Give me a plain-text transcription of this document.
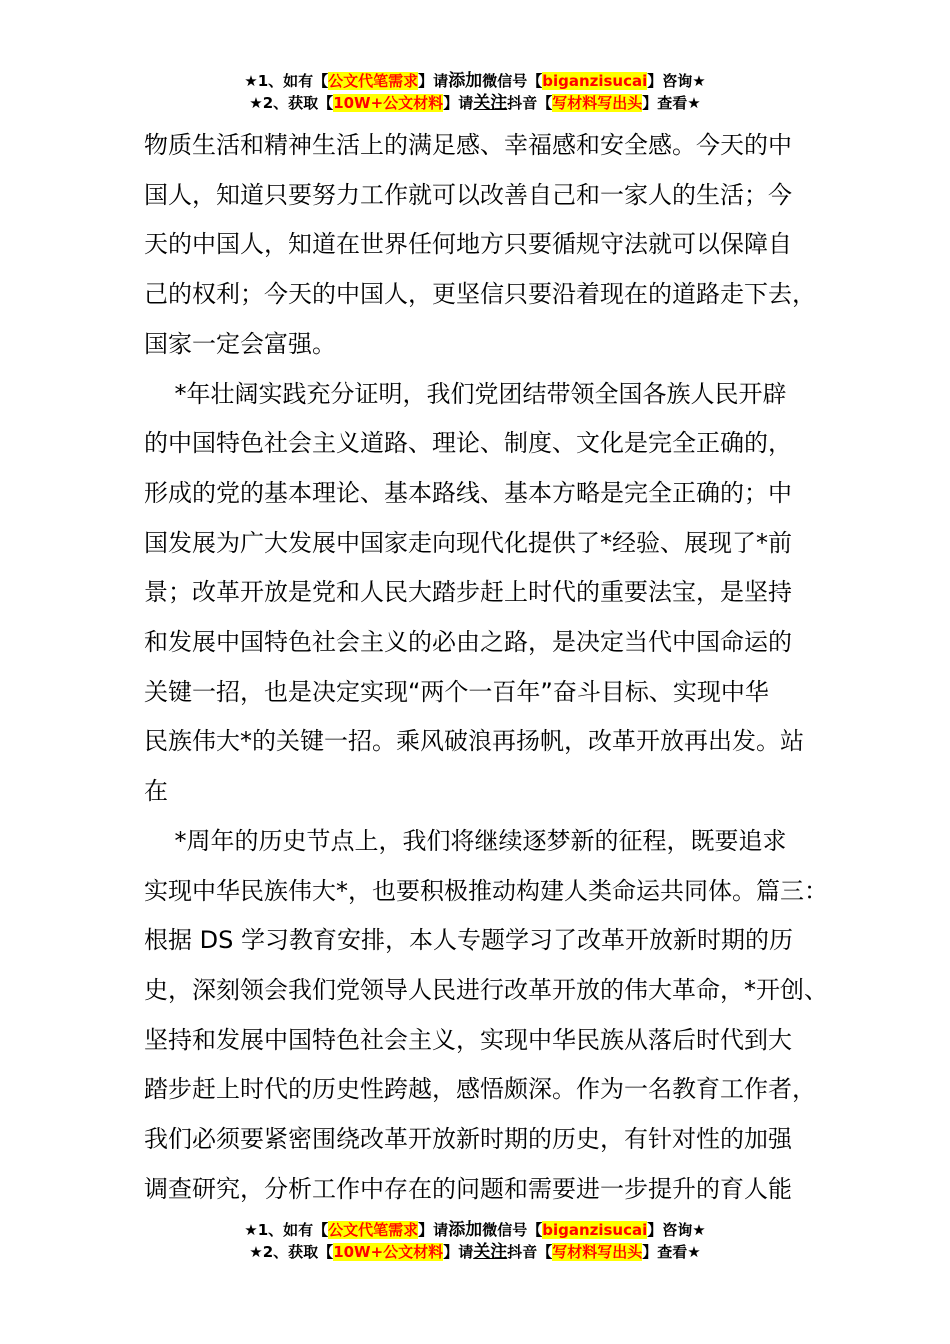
★1、如有【公文代笔需求】请添加微信号【biganzisucai】咨询★
★2、获取【10W+公文材料】请关注抖音【写材料写出头】查看★

物质生活和精神生活上的满足感、幸福感和安全感。今天的中

国人，知道只要努力工作就可以改善自己和一家人的生活；今

天的中国人，知道在世界任何地方只要循规守法就可以保障自

己的权利；今天的中国人，更坚信只要沿着现在的道路走下去，

国家一定会富强。

*年壮阔实践充分证明，我们党团结带领全国各族人民开辟

的中国特色社会主义道路、理论、制度、文化是完全正确的，

形成的党的基本理论、基本路线、基本方略是完全正确的；中

国发展为广大发展中国家走向现代化提供了*经验、展现了*前

景；改革开放是党和人民大踏步赶上时代的重要法宝，是坚持

和发展中国特色社会主义的必由之路，是决定当代中国命运的

关键一招，也是决定实现“两个一百年”奋斗目标、实现中华

民族伟大*的关键一招。乘风破浪再扬帆，改革开放再出发。站

在

*周年的历史节点上，我们将继续逐梦新的征程，既要追求

实现中华民族伟大*，也要积极推动构建人类命运共同体。篇三：

根据 DS 学习教育安排，本人专题学习了改革开放新时期的历

史，深刻领会我们党领导人民进行改革开放的伟大革命，*开创、

坚持和发展中国特色社会主义，实现中华民族从落后时代到大

踏步赶上时代的历史性跨越，感悟颇深。作为一名教育工作者，

我们必须要紧密围绕改革开放新时期的历史，有针对性的加强

调查研究，分析工作中存在的问题和需要进一步提升的育人能

★1、如有【公文代笔需求】请添加微信号【biganzisucai】咨询★
★2、获取【10W+公文材料】请关注抖音【写材料写出头】查看★
